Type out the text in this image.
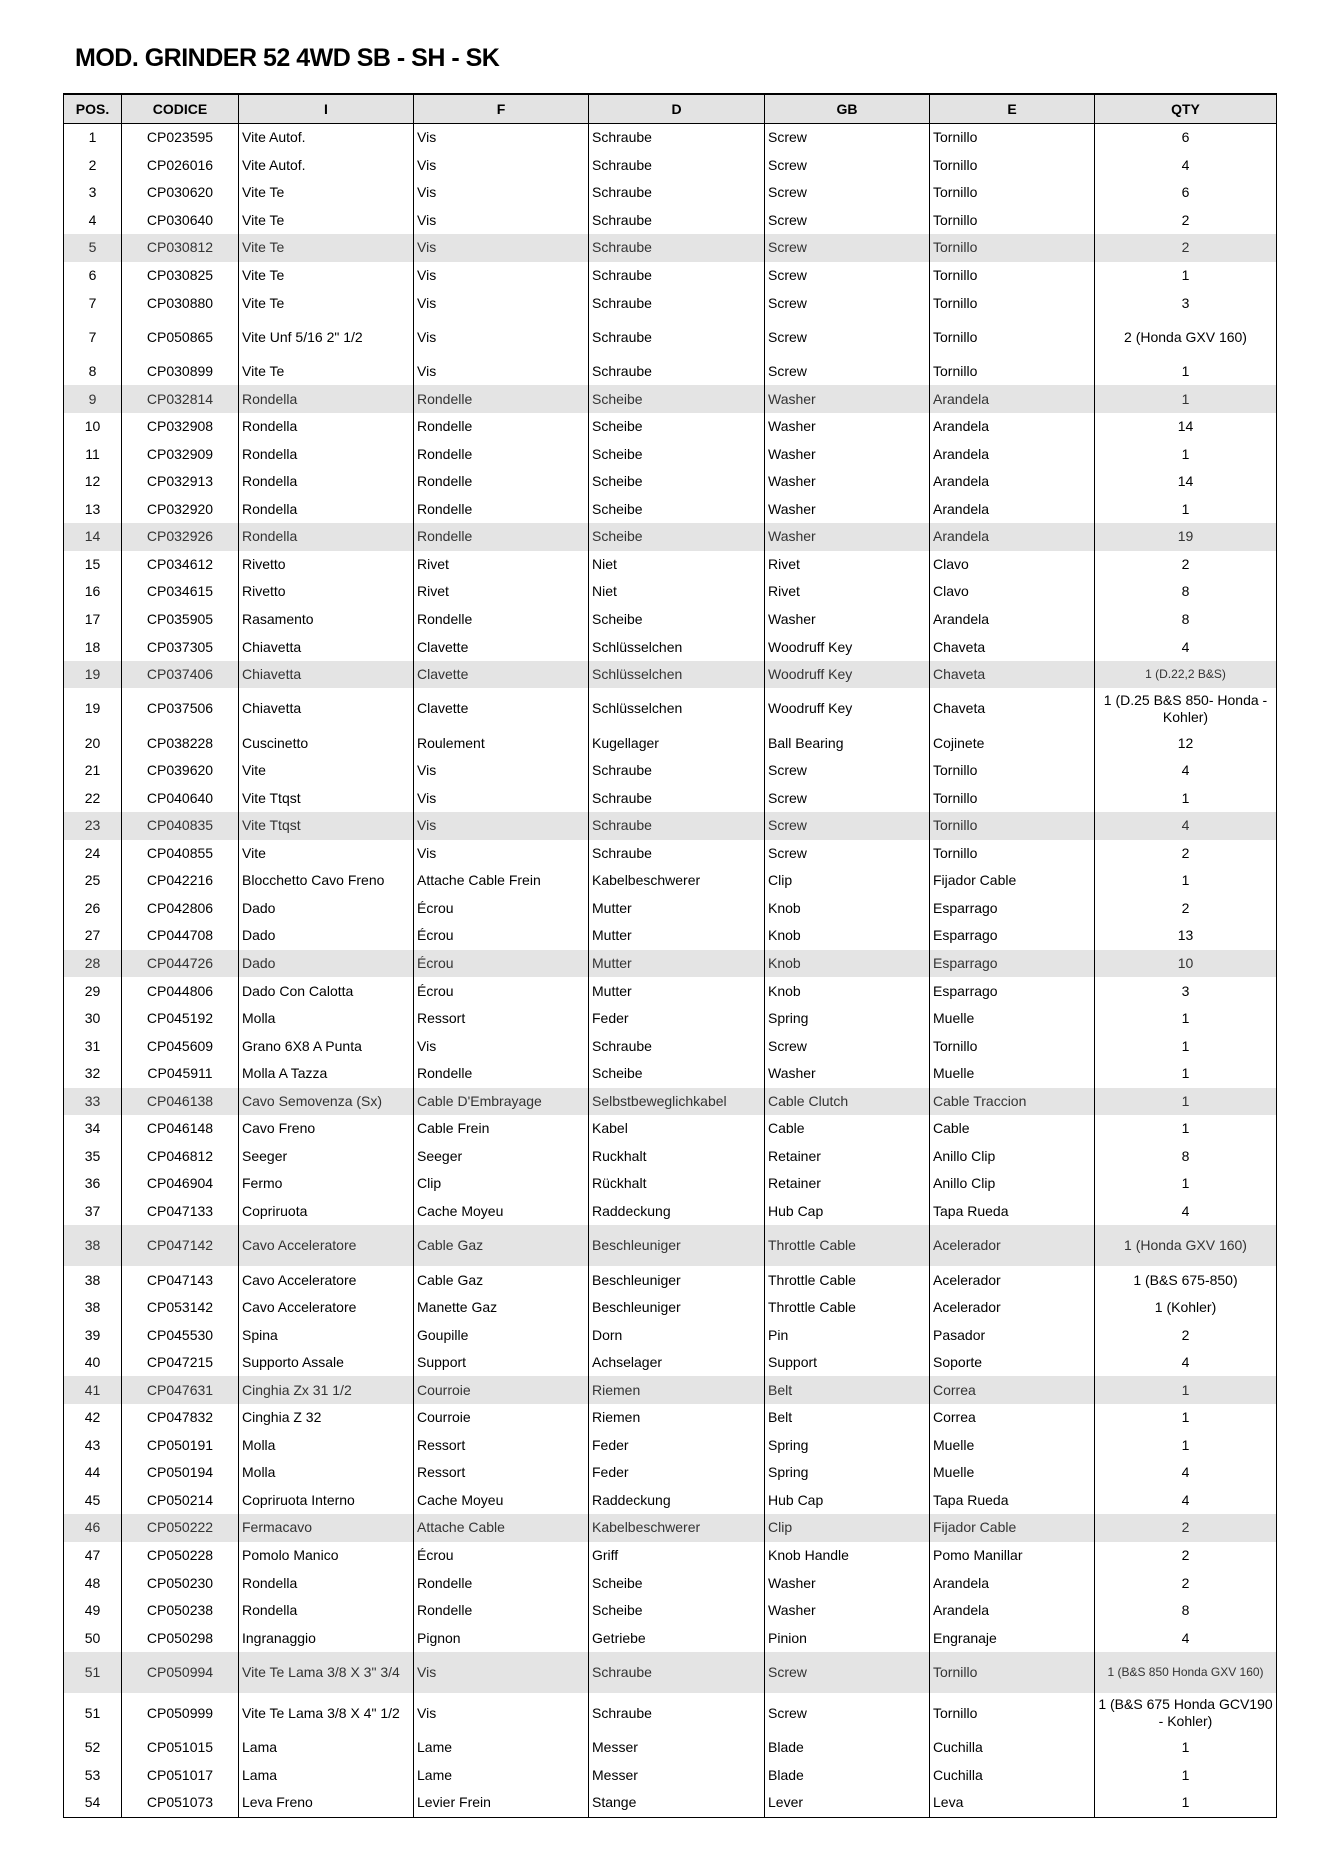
MOD. GRINDER 52 4WD SB - SH - SK
POS.	CODICE	I	F	D	GB	E	QTY
1	CP023595	Vite Autof.	Vis	Schraube	Screw	Tornillo	6
2	CP026016	Vite Autof.	Vis	Schraube	Screw	Tornillo	4
3	CP030620	Vite Te	Vis	Schraube	Screw	Tornillo	6
4	CP030640	Vite Te	Vis	Schraube	Screw	Tornillo	2
5	CP030812	Vite Te	Vis	Schraube	Screw	Tornillo	2
6	CP030825	Vite Te	Vis	Schraube	Screw	Tornillo	1
7	CP030880	Vite Te	Vis	Schraube	Screw	Tornillo	3
7	CP050865	Vite Unf 5/16 2" 1/2	Vis	Schraube	Screw	Tornillo	2 (Honda GXV 160)
8	CP030899	Vite Te	Vis	Schraube	Screw	Tornillo	1
9	CP032814	Rondella	Rondelle	Scheibe	Washer	Arandela	1
10	CP032908	Rondella	Rondelle	Scheibe	Washer	Arandela	14
11	CP032909	Rondella	Rondelle	Scheibe	Washer	Arandela	1
12	CP032913	Rondella	Rondelle	Scheibe	Washer	Arandela	14
13	CP032920	Rondella	Rondelle	Scheibe	Washer	Arandela	1
14	CP032926	Rondella	Rondelle	Scheibe	Washer	Arandela	19
15	CP034612	Rivetto	Rivet	Niet	Rivet	Clavo	2
16	CP034615	Rivetto	Rivet	Niet	Rivet	Clavo	8
17	CP035905	Rasamento	Rondelle	Scheibe	Washer	Arandela	8
18	CP037305	Chiavetta	Clavette	Schlüsselchen	Woodruff Key	Chaveta	4
19	CP037406	Chiavetta	Clavette	Schlüsselchen	Woodruff Key	Chaveta	1 (D.22,2 B&S)
19	CP037506	Chiavetta	Clavette	Schlüsselchen	Woodruff Key	Chaveta	1 (D.25 B&S 850- Honda - Kohler)
20	CP038228	Cuscinetto	Roulement	Kugellager	Ball Bearing	Cojinete	12
21	CP039620	Vite	Vis	Schraube	Screw	Tornillo	4
22	CP040640	Vite Ttqst	Vis	Schraube	Screw	Tornillo	1
23	CP040835	Vite Ttqst	Vis	Schraube	Screw	Tornillo	4
24	CP040855	Vite	Vis	Schraube	Screw	Tornillo	2
25	CP042216	Blocchetto Cavo Freno	Attache Cable Frein	Kabelbeschwerer	Clip	Fijador Cable	1
26	CP042806	Dado	Écrou	Mutter	Knob	Esparrago	2
27	CP044708	Dado	Écrou	Mutter	Knob	Esparrago	13
28	CP044726	Dado	Écrou	Mutter	Knob	Esparrago	10
29	CP044806	Dado Con Calotta	Écrou	Mutter	Knob	Esparrago	3
30	CP045192	Molla	Ressort	Feder	Spring	Muelle	1
31	CP045609	Grano 6X8 A Punta	Vis	Schraube	Screw	Tornillo	1
32	CP045911	Molla A Tazza	Rondelle	Scheibe	Washer	Muelle	1
33	CP046138	Cavo Semovenza (Sx)	Cable D'Embrayage	Selbstbeweglichkabel	Cable Clutch	Cable Traccion	1
34	CP046148	Cavo Freno	Cable Frein	Kabel	Cable	Cable	1
35	CP046812	Seeger	Seeger	Ruckhalt	Retainer	Anillo Clip	8
36	CP046904	Fermo	Clip	Rückhalt	Retainer	Anillo Clip	1
37	CP047133	Copriruota	Cache Moyeu	Raddeckung	Hub Cap	Tapa Rueda	4
38	CP047142	Cavo Acceleratore	Cable Gaz	Beschleuniger	Throttle Cable	Acelerador	1 (Honda GXV 160)
38	CP047143	Cavo Acceleratore	Cable Gaz	Beschleuniger	Throttle Cable	Acelerador	1 (B&S 675-850)
38	CP053142	Cavo Acceleratore	Manette Gaz	Beschleuniger	Throttle Cable	Acelerador	1 (Kohler)
39	CP045530	Spina	Goupille	Dorn	Pin	Pasador	2
40	CP047215	Supporto Assale	Support	Achselager	Support	Soporte	4
41	CP047631	Cinghia Zx 31 1/2	Courroie	Riemen	Belt	Correa	1
42	CP047832	Cinghia Z 32	Courroie	Riemen	Belt	Correa	1
43	CP050191	Molla	Ressort	Feder	Spring	Muelle	1
44	CP050194	Molla	Ressort	Feder	Spring	Muelle	4
45	CP050214	Copriruota Interno	Cache Moyeu	Raddeckung	Hub Cap	Tapa Rueda	4
46	CP050222	Fermacavo	Attache Cable	Kabelbeschwerer	Clip	Fijador Cable	2
47	CP050228	Pomolo Manico	Écrou	Griff	Knob Handle	Pomo Manillar	2
48	CP050230	Rondella	Rondelle	Scheibe	Washer	Arandela	2
49	CP050238	Rondella	Rondelle	Scheibe	Washer	Arandela	8
50	CP050298	Ingranaggio	Pignon	Getriebe	Pinion	Engranaje	4
51	CP050994	Vite Te Lama 3/8 X 3" 3/4	Vis	Schraube	Screw	Tornillo	1 (B&S 850 Honda GXV 160)
51	CP050999	Vite Te Lama 3/8 X 4" 1/2	Vis	Schraube	Screw	Tornillo	1 (B&S 675 Honda GCV190 - Kohler)
52	CP051015	Lama	Lame	Messer	Blade	Cuchilla	1
53	CP051017	Lama	Lame	Messer	Blade	Cuchilla	1
54	CP051073	Leva Freno	Levier Frein	Stange	Lever	Leva	1
